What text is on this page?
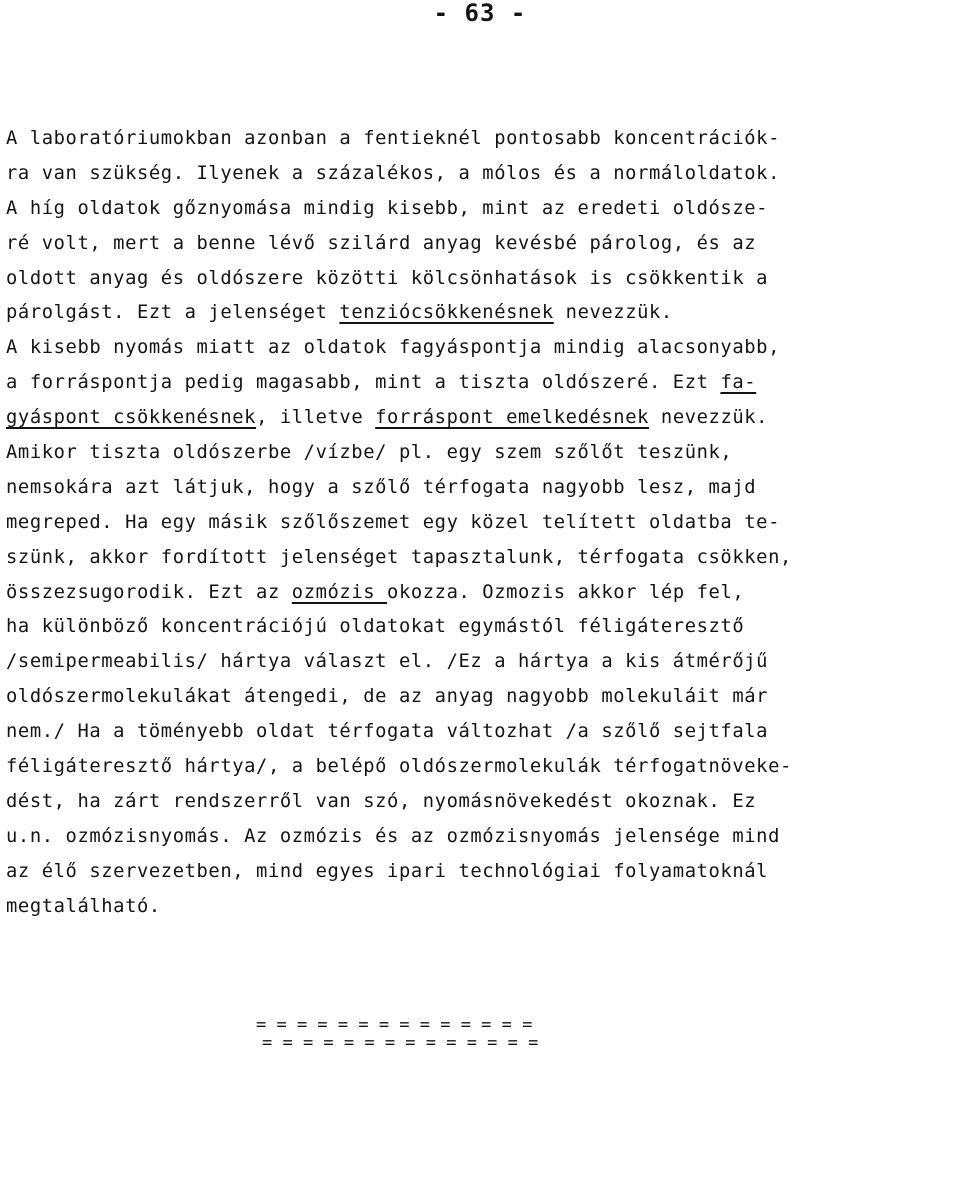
- 63 -
A laboratóriumokban azonban a fentieknél pontosabb koncentrációk-
ra van szükség. Ilyenek a százalékos, a mólos és a normáloldatok.
A híg oldatok gőznyomása mindig kisebb, mint az eredeti oldósze-
ré volt, mert a benne lévő szilárd anyag kevésbé párolog, és az
oldott anyag és oldószere közötti kölcsönhatások is csökkentik a
párolgást. Ezt a jelenséget tenziócsökkenésnek nevezzük.
A kisebb nyomás miatt az oldatok fagyáspontja mindig alacsonyabb,
a forráspontja pedig magasabb, mint a tiszta oldószeré. Ezt fa-
gyáspont csökkenésnek, illetve forráspont emelkedésnek nevezzük.
Amikor tiszta oldószerbe /vízbe/ pl. egy szem szőlőt teszünk,
nemsokára azt látjuk, hogy a szőlő térfogata nagyobb lesz, majd
megreped. Ha egy másik szőlőszemet egy közel telített oldatba te-
szünk, akkor fordított jelenséget tapasztalunk, térfogata csökken,
összezsugorodik. Ezt az ozmózis okozza. Ozmozis akkor lép fel,
ha különböző koncentrációjú oldatokat egymástól féligáteresztő
/semipermeabilis/ hártya választ el. /Ez a hártya a kis átmérőjű
oldószermolekulákat átengedi, de az anyag nagyobb molekuláit már
nem./ Ha a töményebb oldat térfogata változhat /a szőlő sejtfala
féligáteresztő hártya/, a belépő oldószermolekulák térfogatnöveke-
dést, ha zárt rendszerről van szó, nyomásnövekedést okoznak. Ez
u.n. ozmózisnyomás. Az ozmózis és az ozmózisnyomás jelensége mind
az élő szervezetben, mind egyes ipari technológiai folyamatoknál
megtalálható.
= = = = = = = = = = = = = =
= = = = = = = = = = = = = =
